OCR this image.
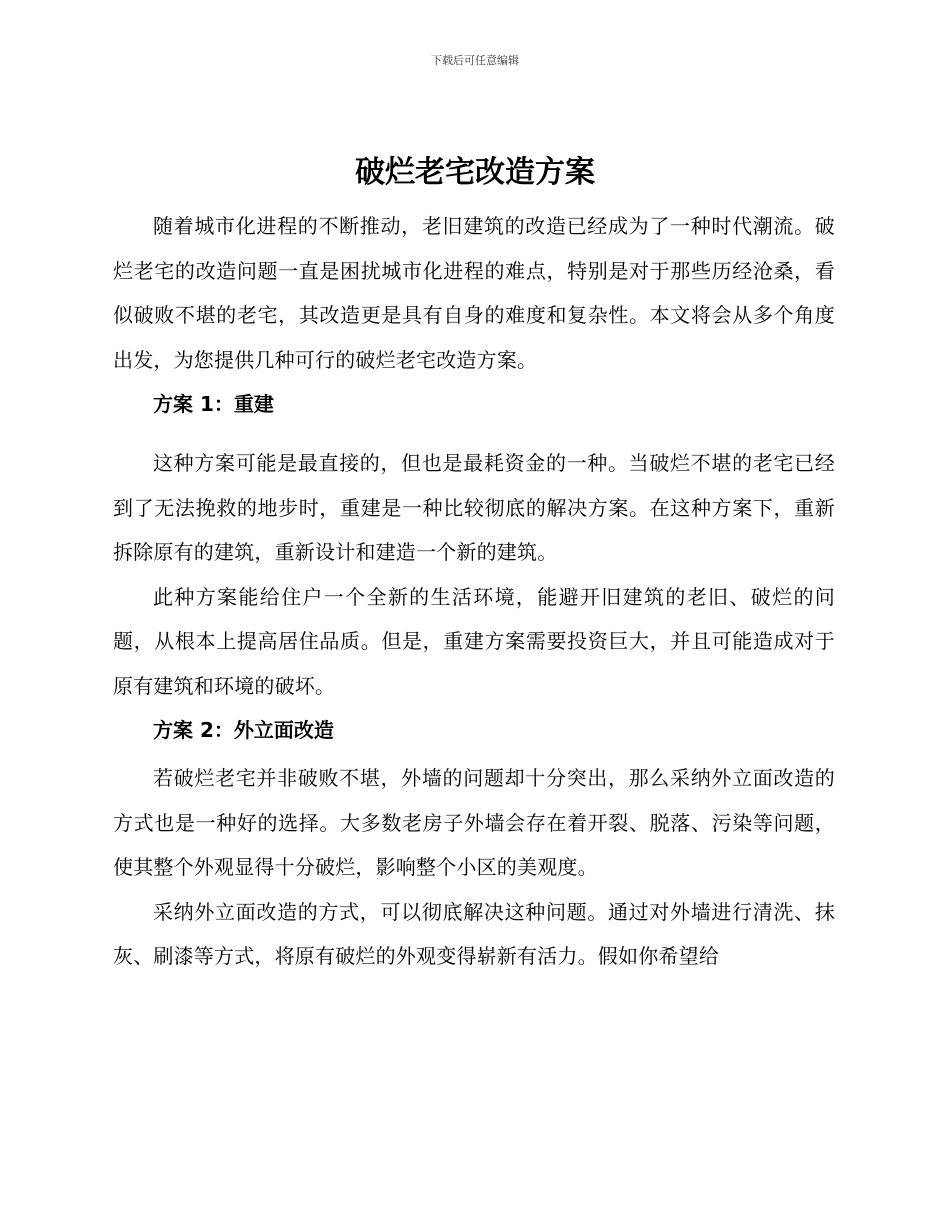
下载后可任意编辑
破烂老宅改造方案

随着城市化进程的不断推动，老旧建筑的改造已经成为了一种时代潮流。破烂老宅的改造问题一直是困扰城市化进程的难点，特别是对于那些历经沧桑，看似破败不堪的老宅，其改造更是具有自身的难度和复杂性。本文将会从多个角度出发，为您提供几种可行的破烂老宅改造方案。

方案 1：重建

这种方案可能是最直接的，但也是最耗资金的一种。当破烂不堪的老宅已经到了无法挽救的地步时，重建是一种比较彻底的解决方案。在这种方案下，重新拆除原有的建筑，重新设计和建造一个新的建筑。

此种方案能给住户一个全新的生活环境，能避开旧建筑的老旧、破烂的问题，从根本上提高居住品质。但是，重建方案需要投资巨大，并且可能造成对于原有建筑和环境的破坏。

方案 2：外立面改造

若破烂老宅并非破败不堪，外墙的问题却十分突出，那么采纳外立面改造的方式也是一种好的选择。大多数老房子外墙会存在着开裂、脱落、污染等问题，使其整个外观显得十分破烂，影响整个小区的美观度。

采纳外立面改造的方式，可以彻底解决这种问题。通过对外墙进行清洗、抹灰、刷漆等方式，将原有破烂的外观变得崭新有活力。假如你希望给
